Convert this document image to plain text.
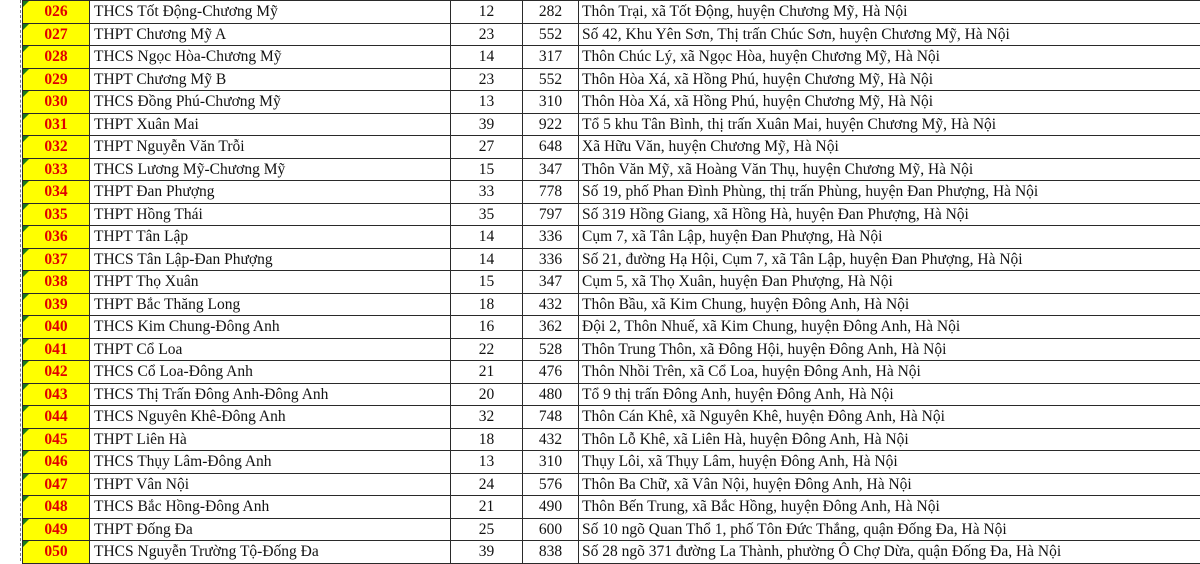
026	THCS Tốt Động-Chương Mỹ	12	282	Thôn Trại, xã Tốt Động, huyện Chương Mỹ, Hà Nội

027	THPT Chương Mỹ A	23	552	Số 42, Khu Yên Sơn, Thị trấn Chúc Sơn, huyện Chương Mỹ, Hà Nội

028	THCS Ngọc Hòa-Chương Mỹ	14	317	Thôn Chúc Lý, xã Ngọc Hòa, huyện Chương Mỹ, Hà Nội

029	THPT Chương Mỹ B	23	552	Thôn Hòa Xá, xã Hồng Phú, huyện Chương Mỹ, Hà Nội

030	THCS Đồng Phú-Chương Mỹ	13	310	Thôn Hòa Xá, xã Hồng Phú, huyện Chương Mỹ, Hà Nội

031	THPT Xuân Mai	39	922	Tổ 5 khu Tân Bình, thị trấn Xuân Mai, huyện Chương Mỹ, Hà Nội

032	THPT Nguyễn Văn Trỗi	27	648	Xã Hữu Văn, huyện Chương Mỹ, Hà Nội

033	THCS Lương Mỹ-Chương Mỹ	15	347	Thôn Văn Mỹ, xã Hoàng Văn Thụ, huyện Chương Mỹ, Hà Nội

034	THPT Đan Phượng	33	778	Số 19, phố Phan Đình Phùng, thị trấn Phùng, huyện Đan Phượng, Hà Nội

035	THPT Hồng Thái	35	797	Số 319 Hồng Giang, xã Hồng Hà, huyện Đan Phượng, Hà Nội

036	THPT Tân Lập	14	336	Cụm 7, xã Tân Lập, huyện Đan Phượng, Hà Nội

037	THCS Tân Lập-Đan Phượng	14	336	Số 21, đường Hạ Hội, Cụm 7, xã Tân Lập, huyện Đan Phượng, Hà Nội

038	THPT Thọ Xuân	15	347	Cụm 5, xã Thọ Xuân, huyện Đan Phượng, Hà Nội

039	THPT Bắc Thăng Long	18	432	Thôn Bầu, xã Kim Chung, huyện Đông Anh, Hà Nội

040	THCS Kim Chung-Đông Anh	16	362	Đội 2, Thôn Nhuế, xã Kim Chung, huyện Đông Anh, Hà Nội

041	THPT Cổ Loa	22	528	Thôn Trung Thôn, xã Đông Hội, huyện Đông Anh, Hà Nội

042	THCS Cổ Loa-Đông Anh	21	476	Thôn Nhồi Trên, xã Cổ Loa, huyện Đông Anh, Hà Nội

043	THCS Thị Trấn Đông Anh-Đông Anh	20	480	Tổ 9 thị trấn Đông Anh, huyện Đông Anh, Hà Nội

044	THCS Nguyên Khê-Đông Anh	32	748	Thôn Cán Khê, xã Nguyên Khê, huyện Đông Anh, Hà Nội

045	THPT Liên Hà	18	432	Thôn Lỗ Khê, xã Liên Hà, huyện Đông Anh, Hà Nội

046	THCS Thụy Lâm-Đông Anh	13	310	Thụy Lôi, xã Thụy Lâm, huyện Đông Anh, Hà Nội

047	THPT Vân Nội	24	576	Thôn Ba Chữ, xã Vân Nội, huyện Đông Anh, Hà Nội

048	THCS Bắc Hồng-Đông Anh	21	490	Thôn Bến Trung, xã Bắc Hồng, huyện Đông Anh, Hà Nội

049	THPT Đống Đa	25	600	Số 10 ngõ Quan Thổ 1, phố Tôn Đức Thắng, quận Đống Đa, Hà Nội

050	THCS Nguyễn Trường Tộ-Đống Đa	39	838	Số 28 ngõ 371 đường La Thành, phường Ô Chợ Dừa, quận Đống Đa, Hà Nội
